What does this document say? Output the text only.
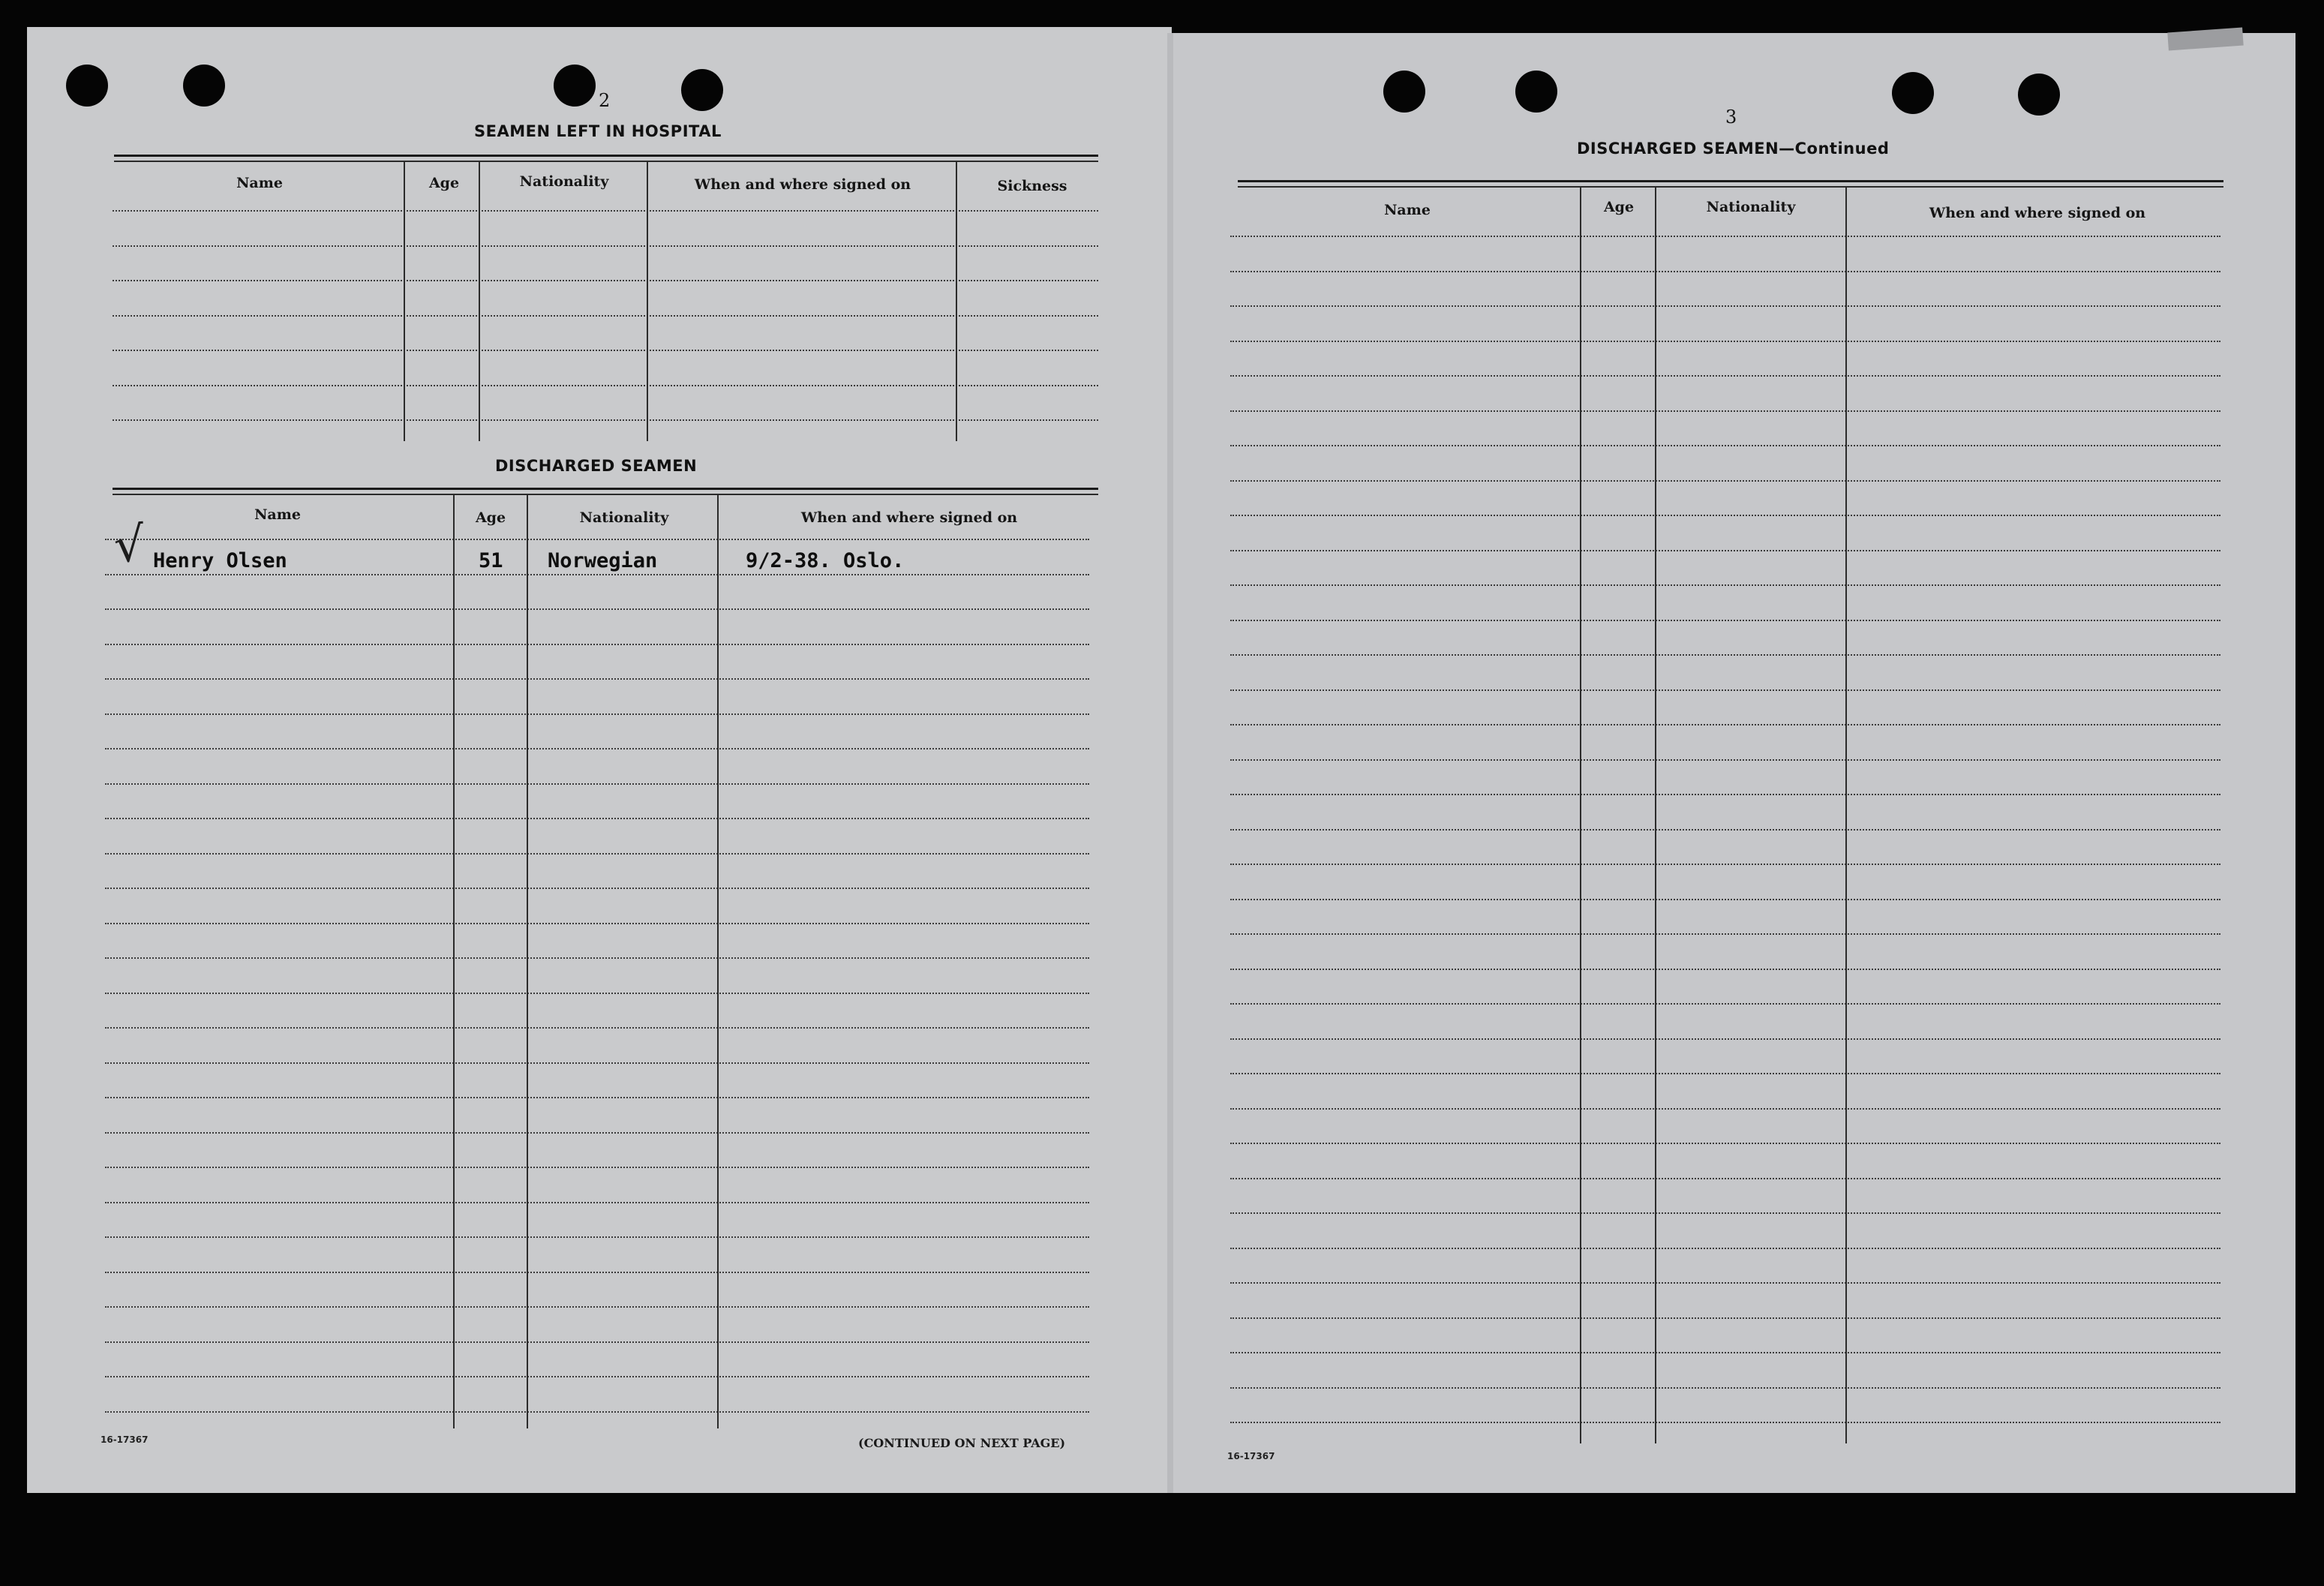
2
SEAMEN LEFT IN HOSPITAL
Name	Age	Nationality	When and where signed on	Sickness
DISCHARGED SEAMEN
Name	Age	Nationality	When and where signed on
√ Henry Olsen	51 Norwegian	9/2-38. Oslo.
16-17367	(CONTINUED ON NEXT PAGE)
3
DISCHARGED SEAMEN—Continued
Name	Age	Nationality	When and where signed on
16-17367
